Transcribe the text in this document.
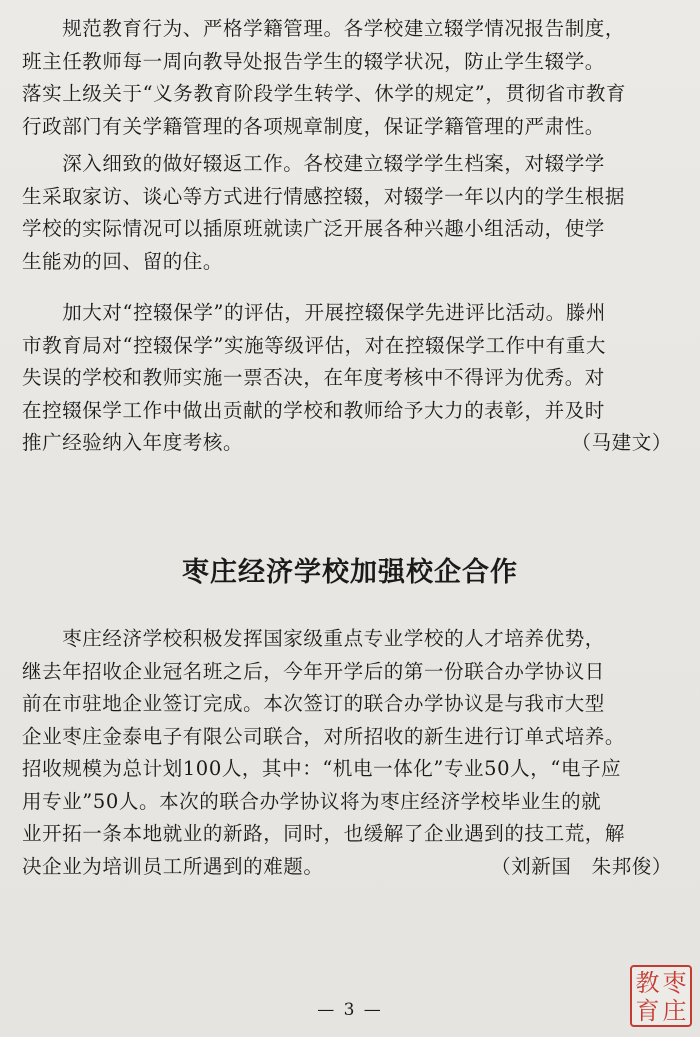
　　规范教育行为、严格学籍管理。各学校建立辍学情况报告制度，
班主任教师每一周向教导处报告学生的辍学状况，防止学生辍学。
落实上级关于“义务教育阶段学生转学、休学的规定”，贯彻省市教育
行政部门有关学籍管理的各项规章制度，保证学籍管理的严肃性。

　　深入细致的做好辍返工作。各校建立辍学学生档案，对辍学学
生采取家访、谈心等方式进行情感控辍，对辍学一年以内的学生根据
学校的实际情况可以插原班就读广泛开展各种兴趣小组活动，使学
生能劝的回、留的住。

　　加大对“控辍保学”的评估，开展控辍保学先进评比活动。滕州
市教育局对“控辍保学”实施等级评估，对在控辍保学工作中有重大
失误的学校和教师实施一票否决，在年度考核中不得评为优秀。对
在控辍保学工作中做出贡献的学校和教师给予大力的表彰，并及时
推广经验纳入年度考核。	（马建文）

枣庄经济学校加强校企合作

　　枣庄经济学校积极发挥国家级重点专业学校的人才培养优势，
继去年招收企业冠名班之后，今年开学后的第一份联合办学协议日
前在市驻地企业签订完成。本次签订的联合办学协议是与我市大型
企业枣庄金泰电子有限公司联合，对所招收的新生进行订单式培养。
招收规模为总计划100人，其中：“机电一体化”专业50人，“电子应
用专业”50人。本次的联合办学协议将为枣庄经济学校毕业生的就
业开拓一条本地就业的新路，同时，也缓解了企业遇到的技工荒，解
决企业为培训员工所遇到的难题。	（刘新国　朱邦俊）

— 3 —
教 枣
育 庄
